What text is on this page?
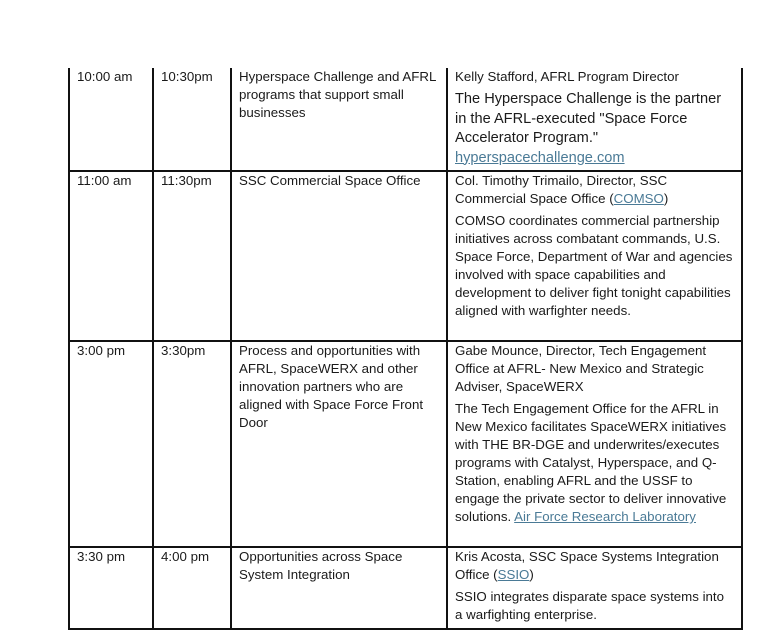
10:00 am	10:30pm	Hyperspace Challenge and AFRL programs that support small businesses	Kelly Stafford, AFRL Program Director
The Hyperspace Challenge is the partner in the AFRL-executed "Space Force Accelerator Program."
hyperspacechallenge.com

11:00 am	11:30pm	SSC Commercial Space Office	Col. Timothy Trimailo, Director, SSC Commercial Space Office (COMSO)
COMSO coordinates commercial partnership initiatives across combatant commands, U.S. Space Force, Department of War and agencies involved with space capabilities and development to deliver fight tonight capabilities aligned with warfighter needs.

3:00 pm	3:30pm	Process and opportunities with AFRL, SpaceWERX and other innovation partners who are aligned with Space Force Front Door	Gabe Mounce, Director, Tech Engagement Office at AFRL- New Mexico and Strategic Adviser, SpaceWERX
The Tech Engagement Office for the AFRL in New Mexico facilitates SpaceWERX initiatives with THE BR-DGE and underwrites/executes programs with Catalyst, Hyperspace, and Q-Station, enabling AFRL and the USSF to engage the private sector to deliver innovative solutions. Air Force Research Laboratory

3:30 pm	4:00 pm	Opportunities across Space System Integration	Kris Acosta, SSC Space Systems Integration Office (SSIO)
SSIO integrates disparate space systems into a warfighting enterprise.
